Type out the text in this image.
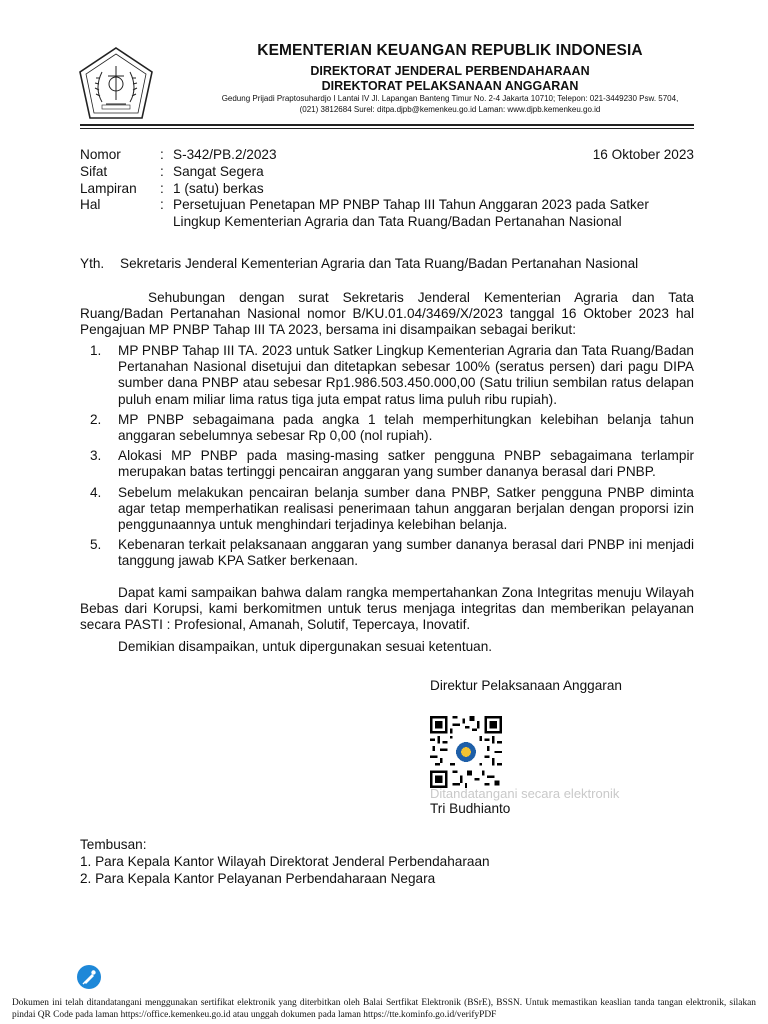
KEMENTERIAN KEUANGAN REPUBLIK INDONESIA
DIREKTORAT JENDERAL PERBENDAHARAAN
DIREKTORAT PELAKSANAAN ANGGARAN
Gedung Prijadi Praptosuhardjo I Lantai IV Jl. Lapangan Banteng Timur No. 2-4 Jakarta 10710; Telepon: 021-3449230 Psw. 5704,
(021) 3812684 Surel: ditpa.djpb@kemenkeu.go.id Laman: www.djpb.kemenkeu.go.id
Nomor	: S-342/PB.2/2023	16 Oktober 2023
Sifat	: Sangat Segera
Lampiran : 1 (satu) berkas
Hal	: Persetujuan Penetapan MP PNBP Tahap III Tahun Anggaran 2023 pada Satker Lingkup Kementerian Agraria dan Tata Ruang/Badan Pertanahan Nasional
Yth. Sekretaris Jenderal Kementerian Agraria dan Tata Ruang/Badan Pertanahan Nasional
Sehubungan dengan surat Sekretaris Jenderal Kementerian Agraria dan Tata Ruang/Badan Pertanahan Nasional nomor B/KU.01.04/3469/X/2023 tanggal 16 Oktober 2023 hal Pengajuan MP PNBP Tahap III TA 2023, bersama ini disampaikan sebagai berikut:
1. MP PNBP Tahap III TA. 2023 untuk Satker Lingkup Kementerian Agraria dan Tata Ruang/Badan Pertanahan Nasional disetujui dan ditetapkan sebesar 100% (seratus persen) dari pagu DIPA sumber dana PNBP atau sebesar Rp1.986.503.450.000,00 (Satu triliun sembilan ratus delapan puluh enam miliar lima ratus tiga juta empat ratus lima puluh ribu rupiah).
2. MP PNBP sebagaimana pada angka 1 telah memperhitungkan kelebihan belanja tahun anggaran sebelumnya sebesar Rp 0,00 (nol rupiah).
3. Alokasi MP PNBP pada masing-masing satker pengguna PNBP sebagaimana terlampir merupakan batas tertinggi pencairan anggaran yang sumber dananya berasal dari PNBP.
4. Sebelum melakukan pencairan belanja sumber dana PNBP, Satker pengguna PNBP diminta agar tetap memperhatikan realisasi penerimaan tahun anggaran berjalan dengan proporsi izin penggunaannya untuk menghindari terjadinya kelebihan belanja.
5. Kebenaran terkait pelaksanaan anggaran yang sumber dananya berasal dari PNBP ini menjadi tanggung jawab KPA Satker berkenaan.
Dapat kami sampaikan bahwa dalam rangka mempertahankan Zona Integritas menuju Wilayah Bebas dari Korupsi, kami berkomitmen untuk terus menjaga integritas dan memberikan pelayanan secara PASTI : Profesional, Amanah, Solutif, Tepercaya, Inovatif.
Demikian disampaikan, untuk dipergunakan sesuai ketentuan.
Direktur Pelaksanaan Anggaran
Ditandatangani secara elektronik
Tri Budhianto
Tembusan:
1. Para Kepala Kantor Wilayah Direktorat Jenderal Perbendaharaan
2. Para Kepala Kantor Pelayanan Perbendaharaan Negara
Dokumen ini telah ditandatangani menggunakan sertifikat elektronik yang diterbitkan oleh Balai Sertfikat Elektronik (BSrE), BSSN. Untuk memastikan keaslian tanda tangan elektronik, silakan pindai QR Code pada laman https://office.kemenkeu.go.id atau unggah dokumen pada laman https://tte.kominfo.go.id/verifyPDF
